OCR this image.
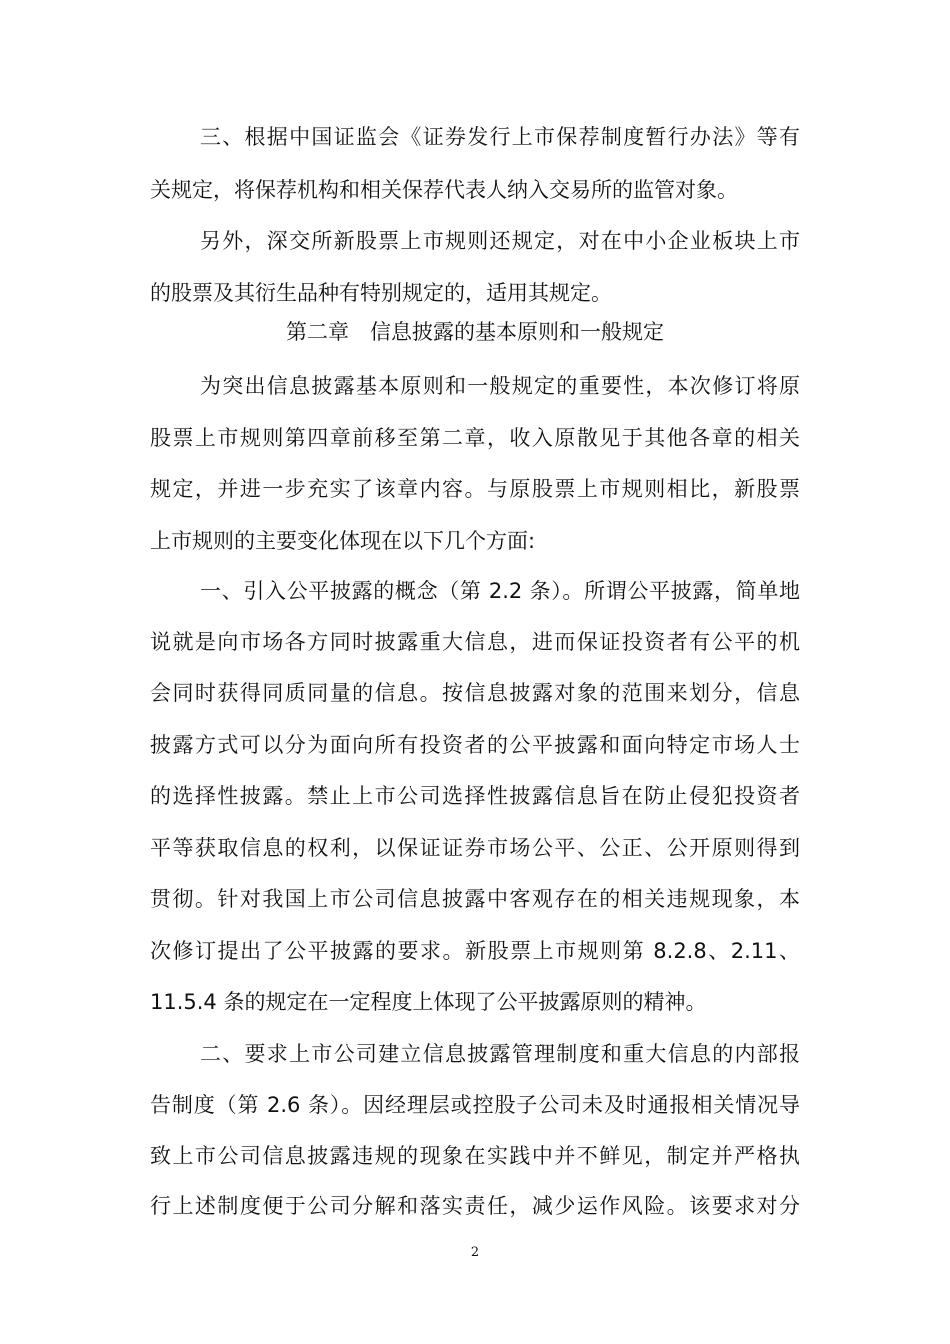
三、根据中国证监会《证券发行上市保荐制度暂行办法》等有
关规定，将保荐机构和相关保荐代表人纳入交易所的监管对象。
另外，深交所新股票上市规则还规定，对在中小企业板块上市
的股票及其衍生品种有特别规定的，适用其规定。
第二章　信息披露的基本原则和一般规定
为突出信息披露基本原则和一般规定的重要性，本次修订将原
股票上市规则第四章前移至第二章，收入原散见于其他各章的相关
规定，并进一步充实了该章内容。与原股票上市规则相比，新股票
上市规则的主要变化体现在以下几个方面:
一、引入公平披露的概念（第 2.2 条）。所谓公平披露，简单地
说就是向市场各方同时披露重大信息，进而保证投资者有公平的机
会同时获得同质同量的信息。按信息披露对象的范围来划分，信息
披露方式可以分为面向所有投资者的公平披露和面向特定市场人士
的选择性披露。禁止上市公司选择性披露信息旨在防止侵犯投资者
平等获取信息的权利，以保证证券市场公平、公正、公开原则得到
贯彻。针对我国上市公司信息披露中客观存在的相关违规现象，本
次修订提出了公平披露的要求。新股票上市规则第 8.2.8、2.11、
11.5.4 条的规定在一定程度上体现了公平披露原则的精神。
二、要求上市公司建立信息披露管理制度和重大信息的内部报
告制度（第 2.6 条）。因经理层或控股子公司未及时通报相关情况导
致上市公司信息披露违规的现象在实践中并不鲜见，制定并严格执
行上述制度便于公司分解和落实责任，减少运作风险。该要求对分
2
